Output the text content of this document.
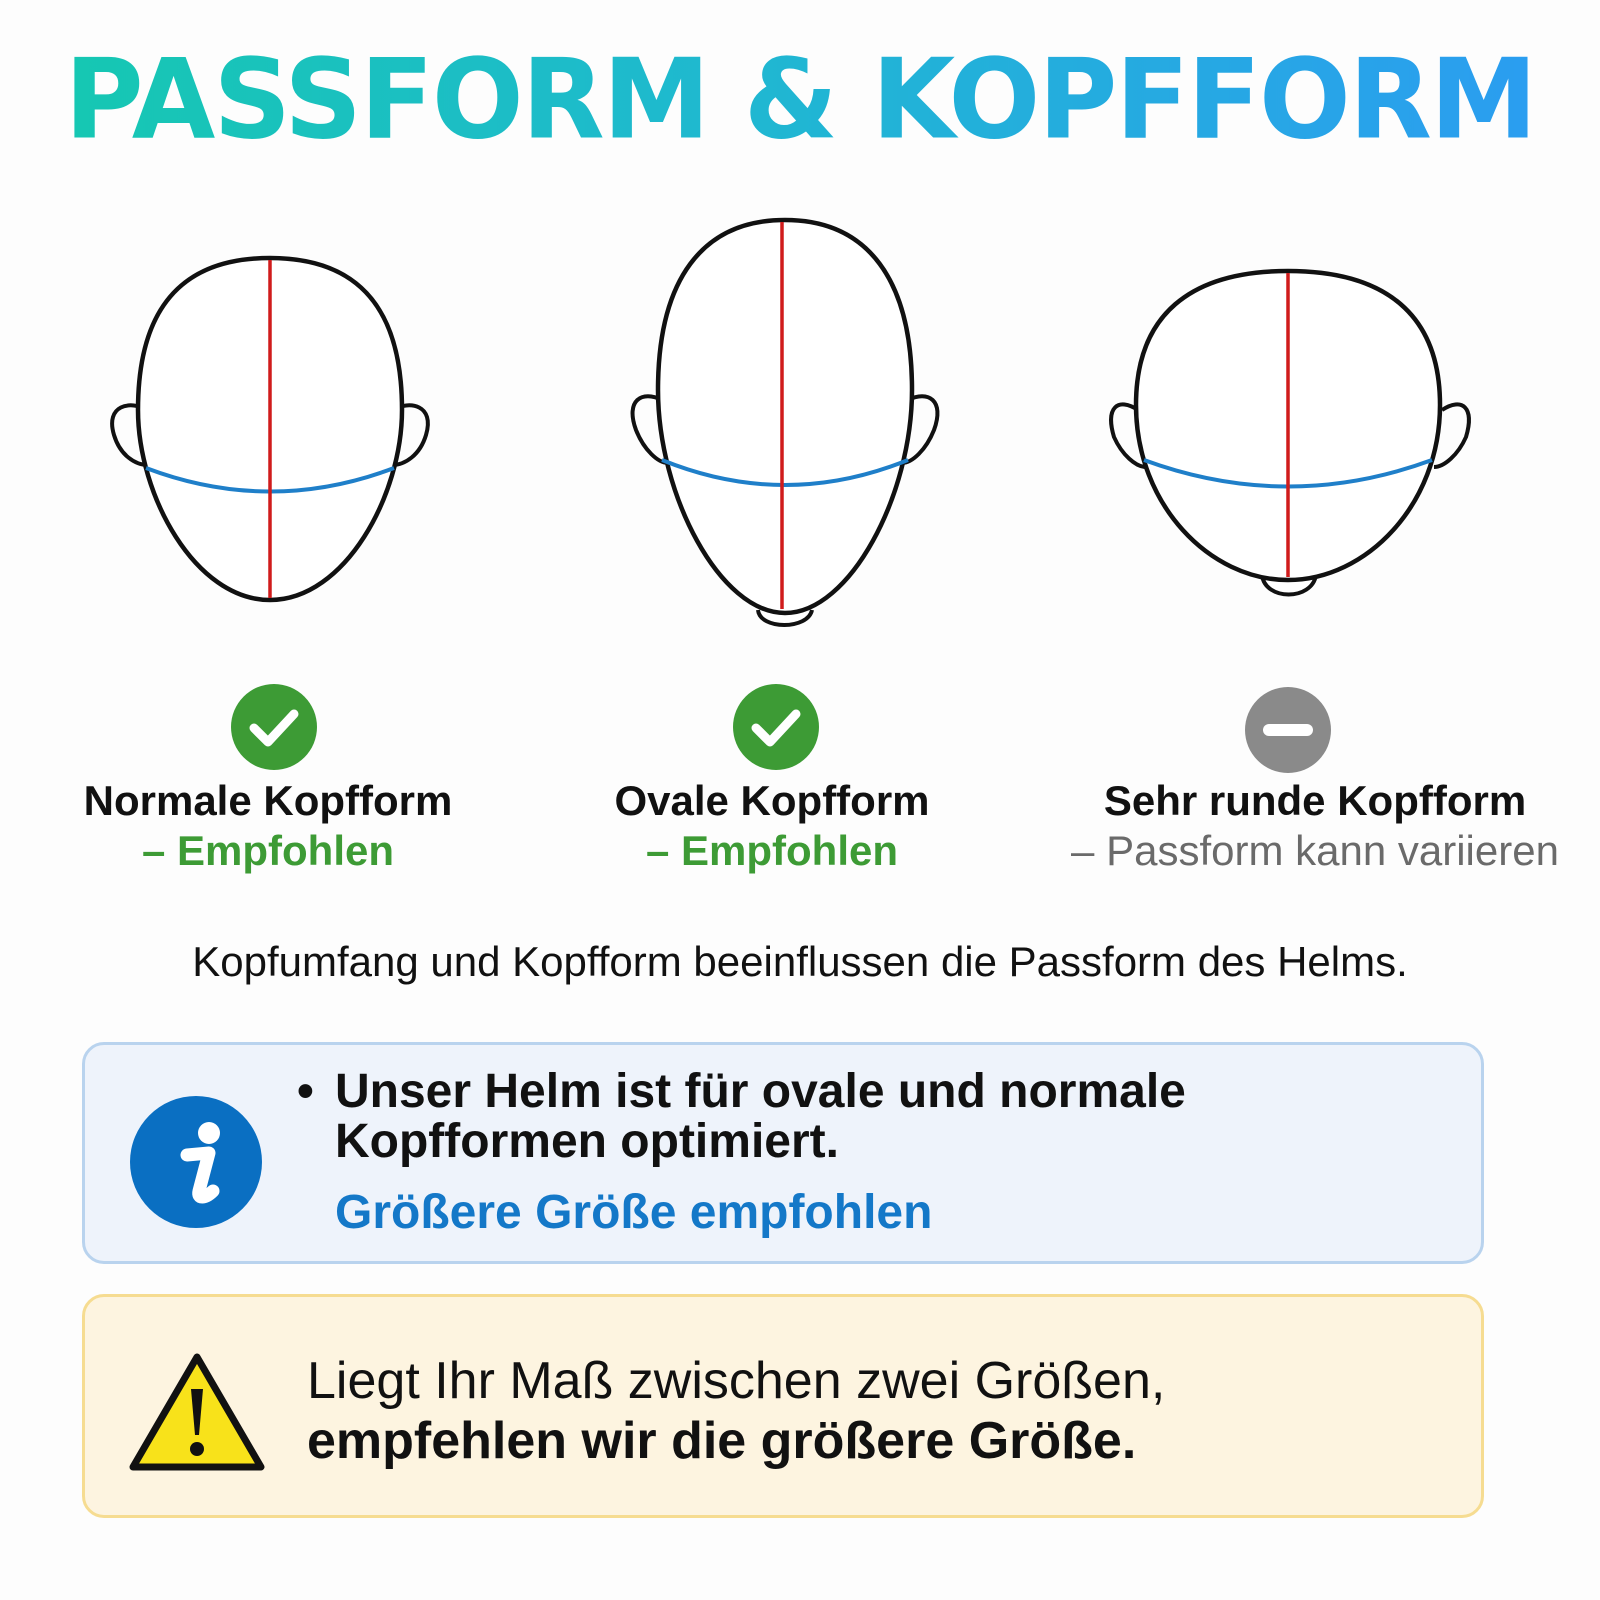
PASSFORM & KOPFFORM
Normale Kopfform
– Empfohlen
Ovale Kopfform
– Empfohlen
Sehr runde Kopfform
– Passform kann variieren
Kopfumfang und Kopfform beeinflussen die Passform des Helms.
• Unser Helm ist für ovale und normale Kopfformen optimiert.
Größere Größe empfohlen
Liegt Ihr Maß zwischen zwei Größen,
empfehlen wir die größere Größe.
